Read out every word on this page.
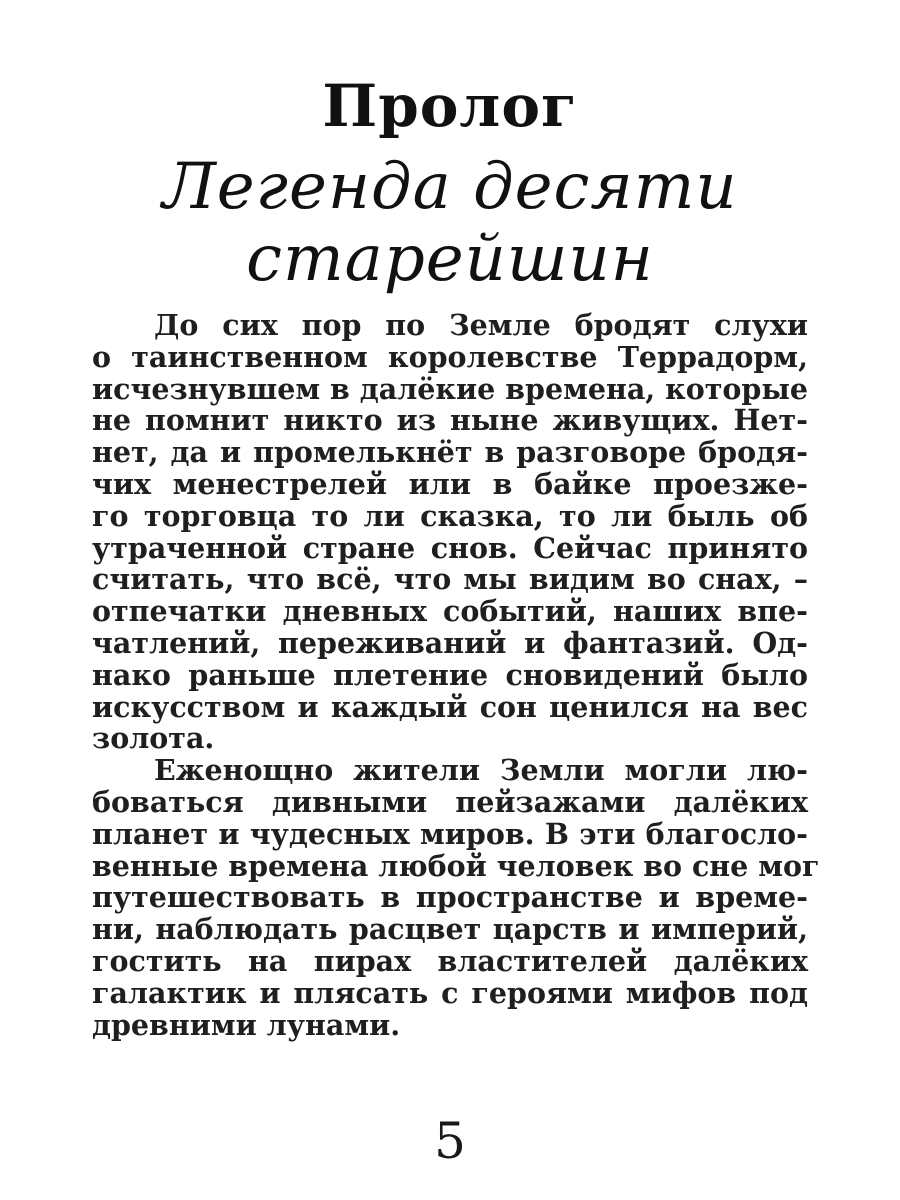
Пролог
Легенда десяти
старейшин
До сих пор по Земле бродят слухи
о таинственном королевстве Террадорм,
исчезнувшем в далёкие времена, которые
не помнит никто из ныне живущих. Нет-
нет, да и промелькнёт в разговоре бродя-
чих менестрелей или в байке проезже-
го торговца то ли сказка, то ли быль об
утраченной стране снов. Сейчас принято
считать, что всё, что мы видим во снах, –
отпечатки дневных событий, наших впе-
чатлений, переживаний и фантазий. Од-
нако раньше плетение сновидений было
искусством и каждый сон ценился на вес
золота.
Еженощно жители Земли могли лю-
боваться дивными пейзажами далёких
планет и чудесных миров. В эти благосло-
венные времена любой человек во сне мог
путешествовать в пространстве и време-
ни, наблюдать расцвет царств и империй,
гостить на пирах властителей далёких
галактик и плясать с героями мифов под
древними лунами.
5
